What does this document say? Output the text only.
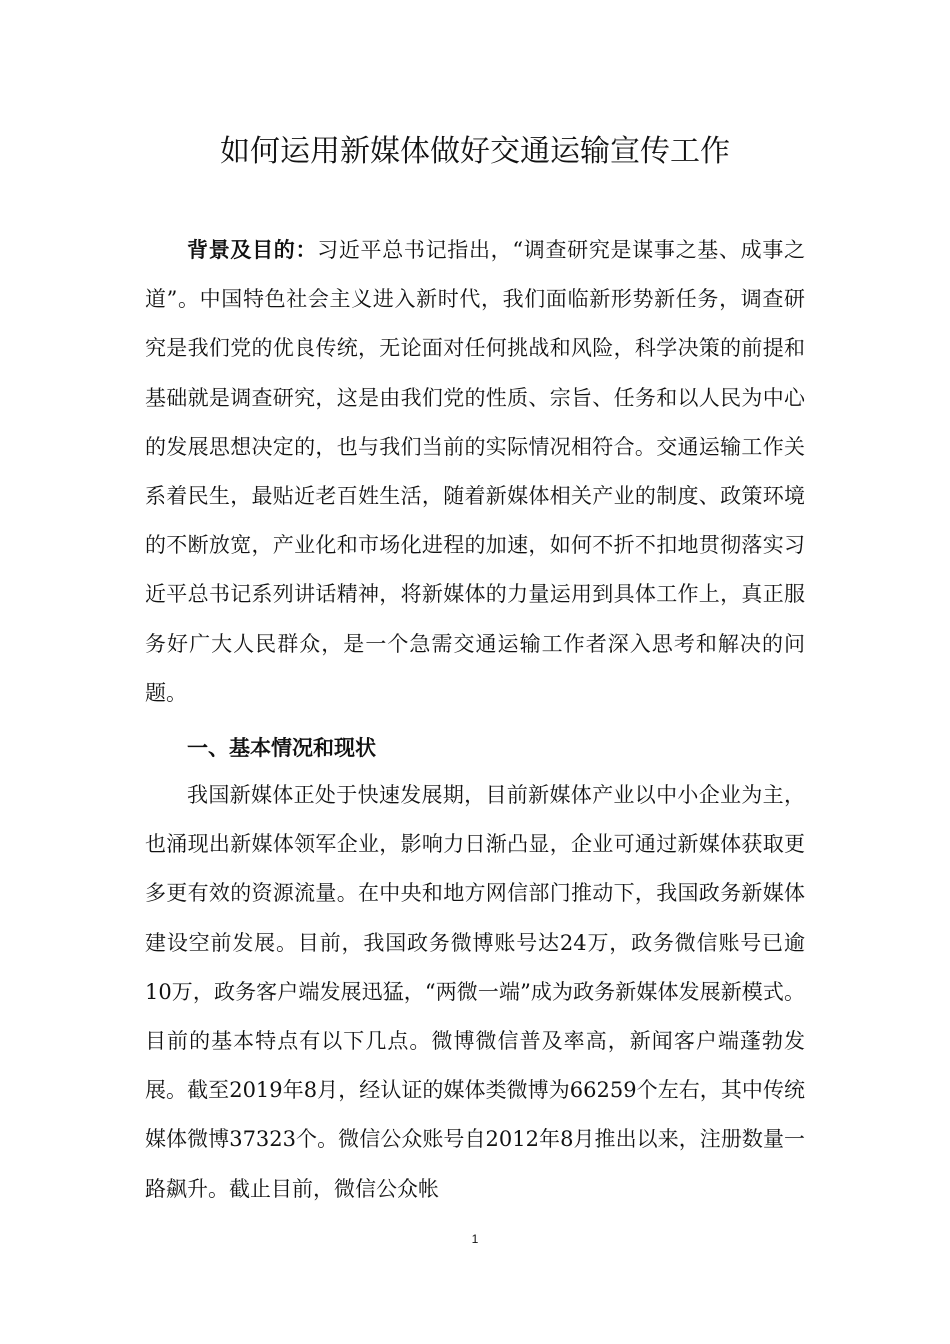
如何运用新媒体做好交通运输宣传工作

背景及目的：习近平总书记指出，“调查研究是谋事之基、成事之道”。中国特色社会主义进入新时代，我们面临新形势新任务，调查研究是我们党的优良传统，无论面对任何挑战和风险，科学决策的前提和基础就是调查研究，这是由我们党的性质、宗旨、任务和以人民为中心的发展思想决定的，也与我们当前的实际情况相符合。交通运输工作关系着民生，最贴近老百姓生活，随着新媒体相关产业的制度、政策环境的不断放宽，产业化和市场化进程的加速，如何不折不扣地贯彻落实习近平总书记系列讲话精神，将新媒体的力量运用到具体工作上，真正服务好广大人民群众，是一个急需交通运输工作者深入思考和解决的问题。

一、基本情况和现状

我国新媒体正处于快速发展期，目前新媒体产业以中小企业为主，也涌现出新媒体领军企业，影响力日渐凸显，企业可通过新媒体获取更多更有效的资源流量。在中央和地方网信部门推动下，我国政务新媒体建设空前发展。目前，我国政务微博账号达24万，政务微信账号已逾10万，政务客户端发展迅猛，“两微一端”成为政务新媒体发展新模式。目前的基本特点有以下几点。微博微信普及率高，新闻客户端蓬勃发展。截至2019年8月，经认证的媒体类微博为66259个左右，其中传统媒体微博37323个。微信公众账号自2012年8月推出以来，注册数量一路飙升。截止目前，微信公众帐

1
